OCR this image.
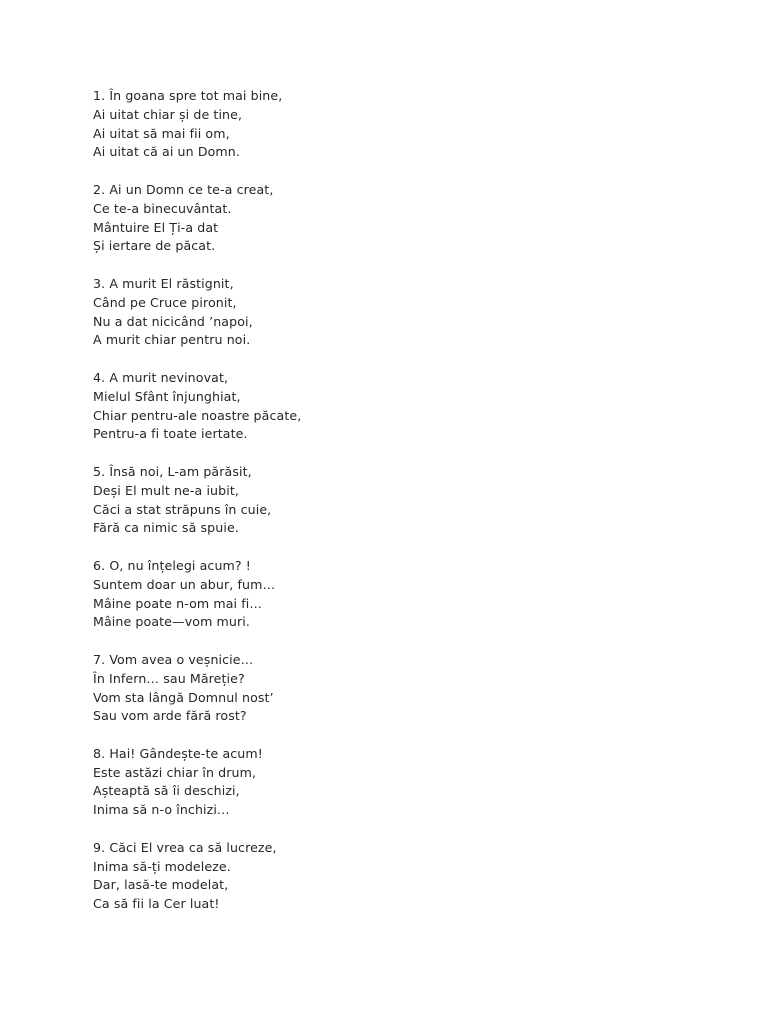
1. În goana spre tot mai bine,
Ai uitat chiar și de tine,
Ai uitat să mai fii om,
Ai uitat că ai un Domn.
2. Ai un Domn ce te-a creat,
Ce te-a binecuvântat.
Mântuire El Ți-a dat
Și iertare de păcat.
3. A murit El răstignit,
Când pe Cruce pironit,
Nu a dat nicicând ’napoi,
A murit chiar pentru noi.
4. A murit nevinovat,
Mielul Sfânt înjunghiat,
Chiar pentru-ale noastre păcate,
Pentru-a fi toate iertate.
5. Însă noi, L-am părăsit,
Deși El mult ne-a iubit,
Căci a stat străpuns în cuie,
Fără ca nimic să spuie.
6. O, nu înțelegi acum? !
Suntem doar un abur, fum…
Mâine poate n-om mai fi…
Mâine poate—vom muri.
7. Vom avea o veșnicie…
În Infern… sau Măreție?
Vom sta lângă Domnul nost’
Sau vom arde fără rost?
8. Hai! Gândește-te acum!
Este astăzi chiar în drum,
Așteaptă să îi deschizi,
Inima să n-o închizi…
9. Căci El vrea ca să lucreze,
Inima să-ți modeleze.
Dar, lasă-te modelat,
Ca să fii la Cer luat!
